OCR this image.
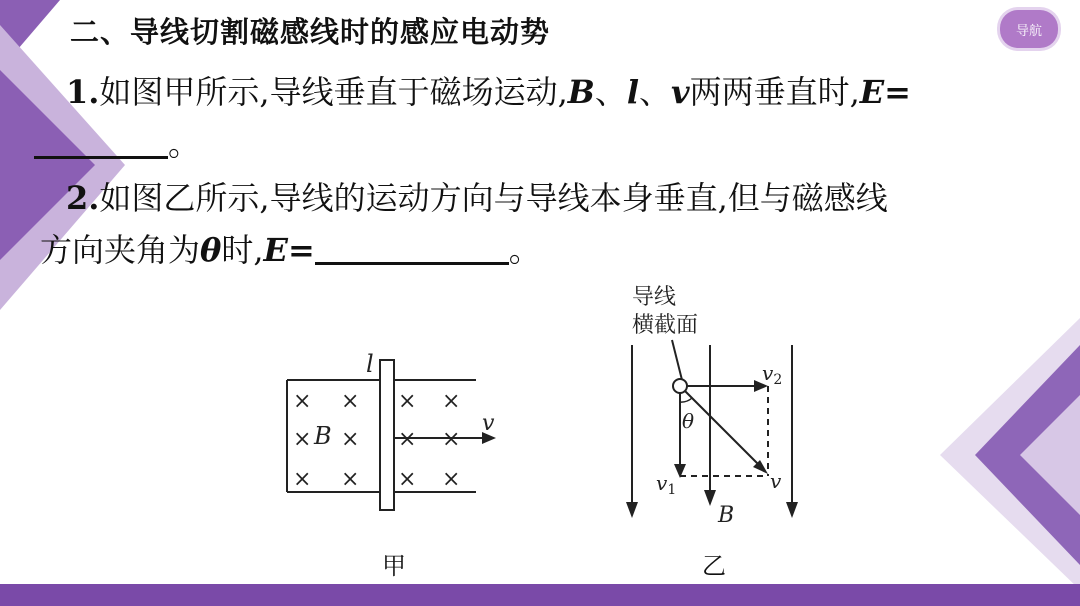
导航
二、导线切割磁感线时的感应电动势
1.如图甲所示,导线垂直于磁场运动,B、l、v两两垂直时,E=
。
2.如图乙所示,导线的运动方向与导线本身垂直,但与磁感线
方向夹角为θ时,E=	。
× × × ×
× × × ×
× × × ×
B
l
v
甲
导线
横截面
B
$v_2$
$v_1$	v
θ
乙
